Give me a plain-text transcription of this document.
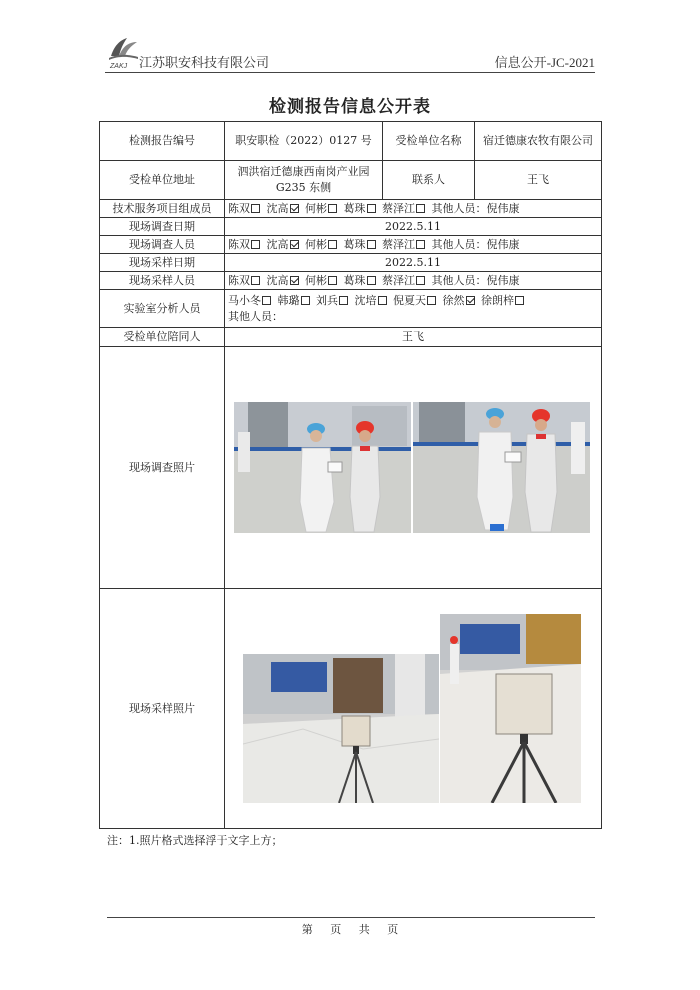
ZAKJ 江苏职安科技有限公司	信息公开-JC-2021
检测报告信息公开表
检测报告编号	职安职检（2022）0127 号	受检单位名称	宿迁德康农牧有限公司
受检单位地址	泗洪宿迁德康西南岗产业园 G235 东侧	联系人	王飞
技术服务项目组成员	陈双 沈高 何彬 葛珠 蔡泽江 其他人员：倪伟康		
现场调查日期	2022.5.11		
现场调查人员	陈双 沈高 何彬 葛珠 蔡泽江 其他人员：倪伟康		
现场采样日期	2022.5.11		
现场采样人员	陈双 沈高 何彬 葛珠 蔡泽江 其他人员：倪伟康		
实验室分析人员	马小冬 韩璐 刘兵 沈培 倪夏天 徐然 徐朗梓
其他人员：		
受检单位陪同人	王飞		
现场调查照片			
现场采样照片			
注：1.照片格式选择浮于文字上方；
第 页 共 页
